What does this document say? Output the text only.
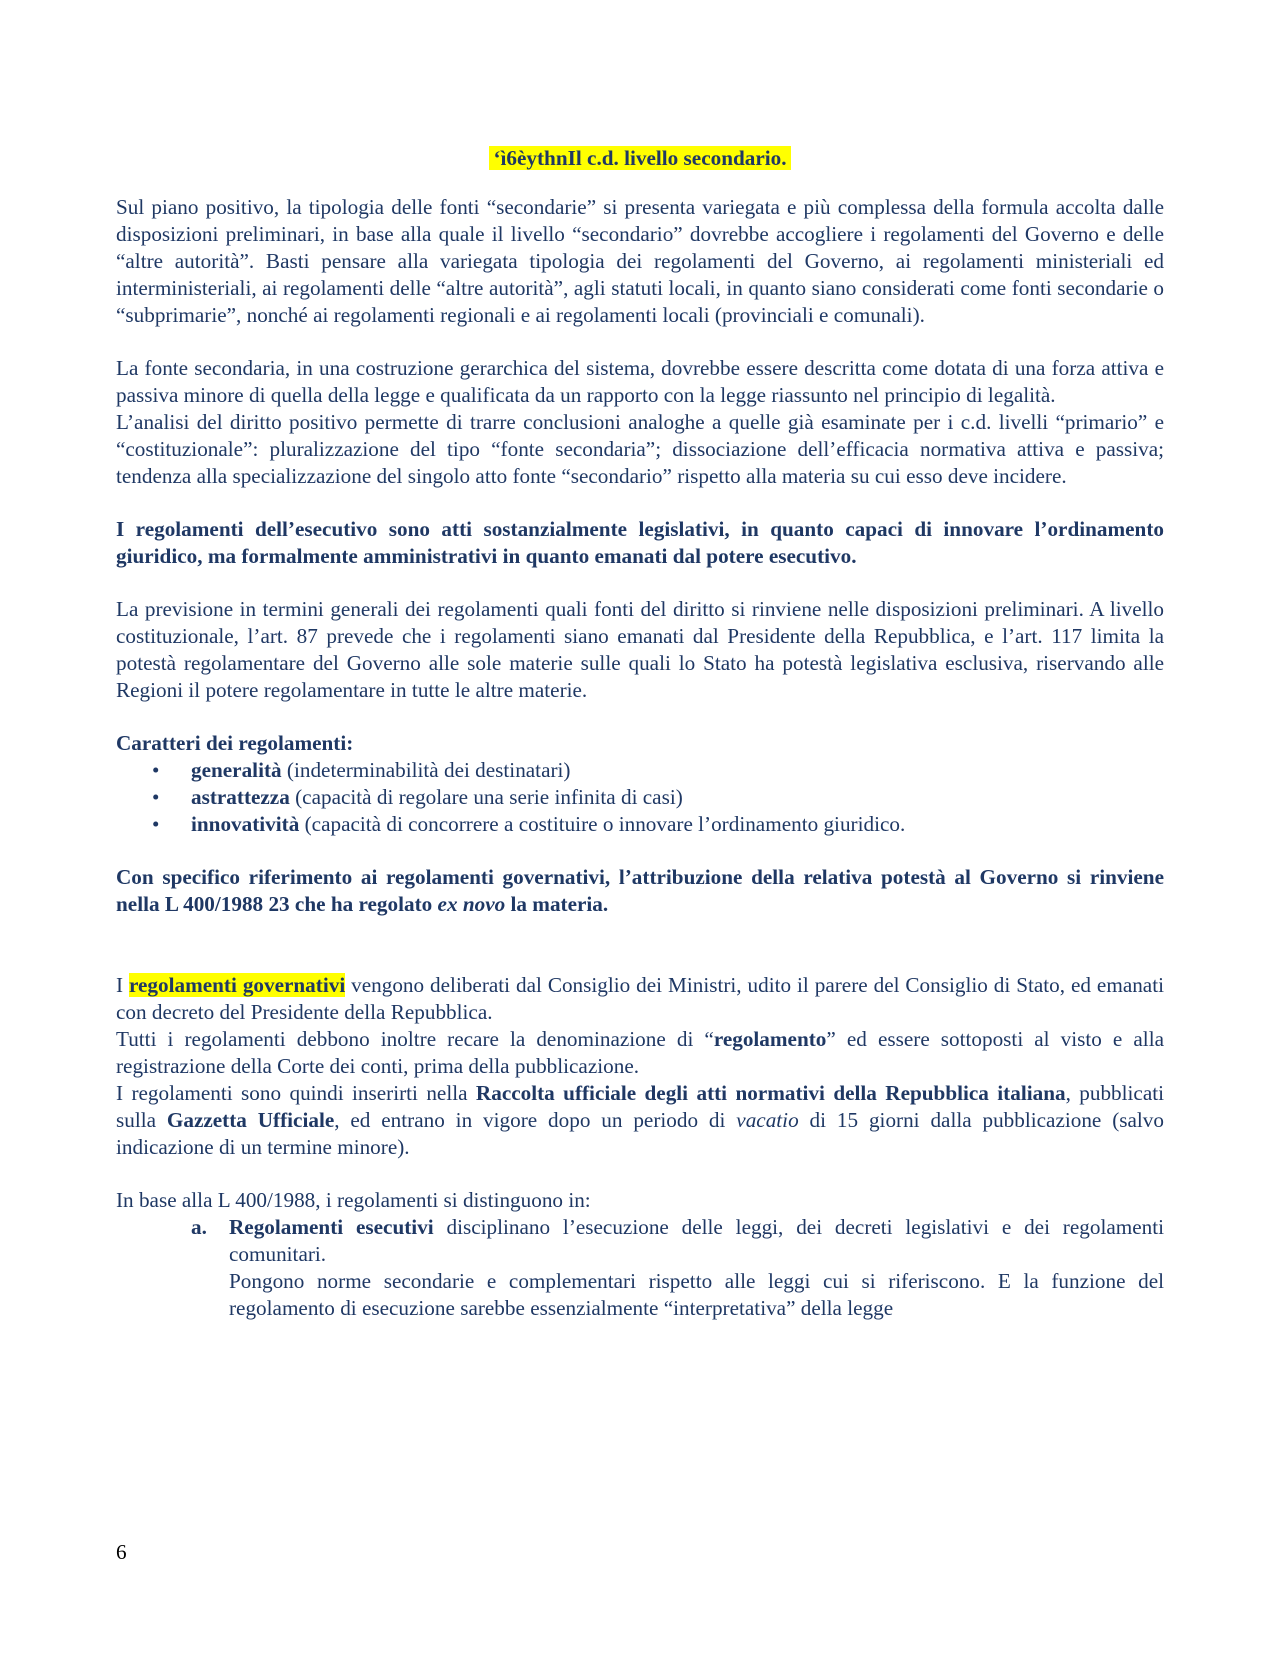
‘ì6èythnIl c.d. livello secondario.

Sul piano positivo, la tipologia delle fonti “secondarie” si presenta variegata e più complessa della formula accolta dalle disposizioni preliminari, in base alla quale il livello “secondario” dovrebbe accogliere i regolamenti del Governo e delle “altre autorità”. Basti pensare alla variegata tipologia dei regolamenti del Governo, ai regolamenti ministeriali ed interministeriali, ai regolamenti delle “altre autorità”, agli statuti locali, in quanto siano considerati come fonti secondarie o “subprimarie”, nonché ai regolamenti regionali e ai regolamenti locali (provinciali e comunali).

La fonte secondaria, in una costruzione gerarchica del sistema, dovrebbe essere descritta come dotata di una forza attiva e passiva minore di quella della legge e qualificata da un rapporto con la legge riassunto nel principio di legalità.

L’analisi del diritto positivo permette di trarre conclusioni analoghe a quelle già esaminate per i c.d. livelli “primario” e “costituzionale”: pluralizzazione del tipo “fonte secondaria”; dissociazione dell’efficacia normativa attiva e passiva; tendenza alla specializzazione del singolo atto fonte “secondario” rispetto alla materia su cui esso deve incidere.

I regolamenti dell’esecutivo sono atti sostanzialmente legislativi, in quanto capaci di innovare l’ordinamento giuridico, ma formalmente amministrativi in quanto emanati dal potere esecutivo.

La previsione in termini generali dei regolamenti quali fonti del diritto si rinviene nelle disposizioni preliminari. A livello costituzionale, l’art. 87 prevede che i regolamenti siano emanati dal Presidente della Repubblica, e l’art. 117 limita la potestà regolamentare del Governo alle sole materie sulle quali lo Stato ha potestà legislativa esclusiva, riservando alle Regioni il potere regolamentare in tutte le altre materie.

Caratteri dei regolamenti:
• generalità (indeterminabilità dei destinatari)
• astrattezza (capacità di regolare una serie infinita di casi)
• innovatività (capacità di concorrere a costituire o innovare l’ordinamento giuridico.

Con specifico riferimento ai regolamenti governativi, l’attribuzione della relativa potestà al Governo si rinviene nella L 400/1988 23 che ha regolato ex novo la materia.

I regolamenti governativi vengono deliberati dal Consiglio dei Ministri, udito il parere del Consiglio di Stato, ed emanati con decreto del Presidente della Repubblica.

Tutti i regolamenti debbono inoltre recare la denominazione di “regolamento” ed essere sottoposti al visto e alla registrazione della Corte dei conti, prima della pubblicazione.

I regolamenti sono quindi inserirti nella Raccolta ufficiale degli atti normativi della Repubblica italiana, pubblicati sulla Gazzetta Ufficiale, ed entrano in vigore dopo un periodo di vacatio di 15 giorni dalla pubblicazione (salvo indicazione di un termine minore).

In base alla L 400/1988, i regolamenti si distinguono in:

a. Regolamenti esecutivi disciplinano l’esecuzione delle leggi, dei decreti legislativi e dei regolamenti comunitari.
Pongono norme secondarie e complementari rispetto alle leggi cui si riferiscono. E la funzione del regolamento di esecuzione sarebbe essenzialmente “interpretativa” della legge
6
